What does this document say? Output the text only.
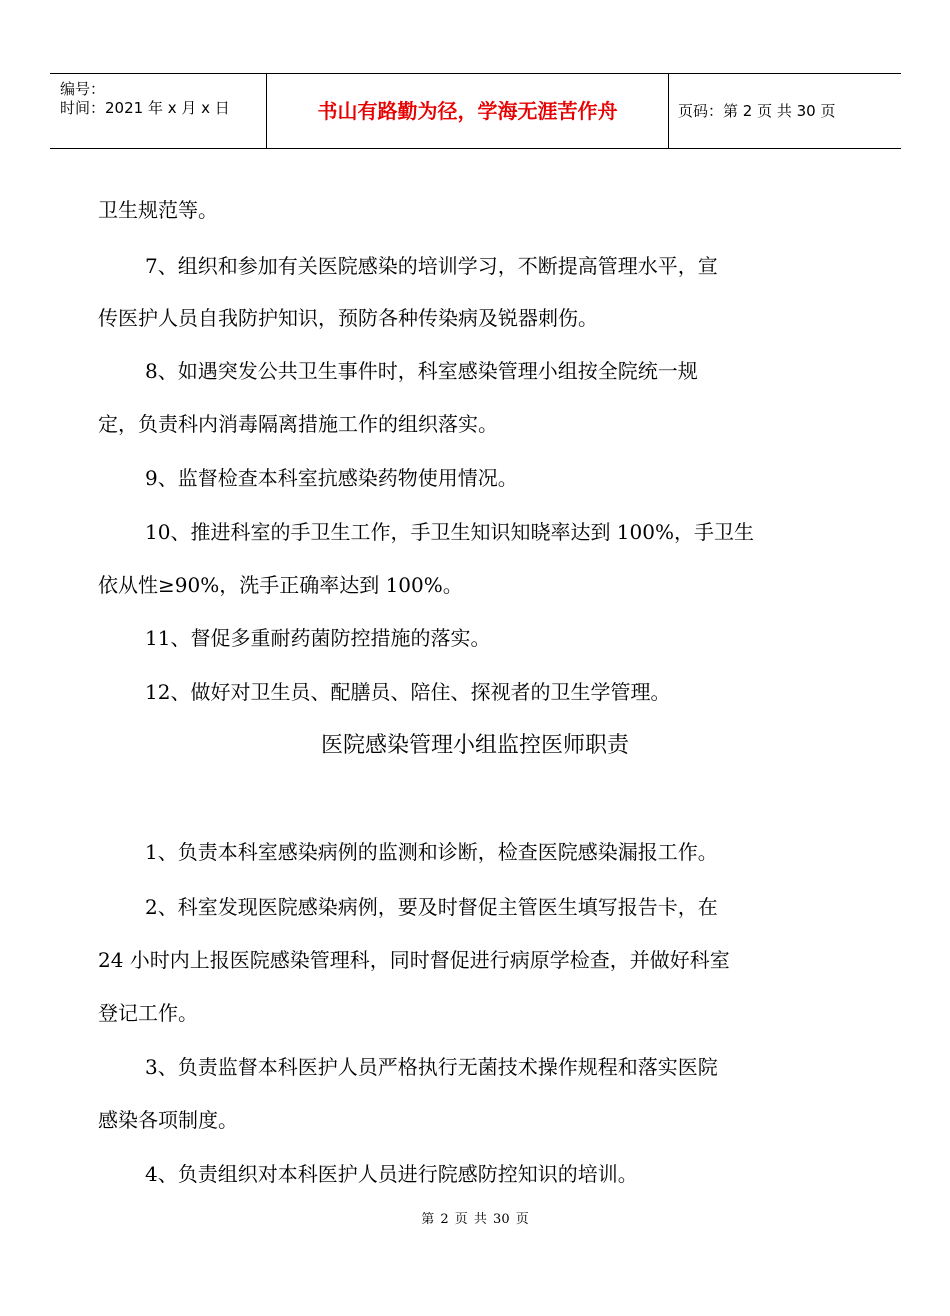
编号：
时间：2021 年 x 月 x 日	书山有路勤为径，学海无涯苦作舟	页码：第 2 页 共 30 页
卫生规范等。
7、组织和参加有关医院感染的培训学习，不断提高管理水平，宣
传医护人员自我防护知识，预防各种传染病及锐器刺伤。
8、如遇突发公共卫生事件时，科室感染管理小组按全院统一规
定，负责科内消毒隔离措施工作的组织落实。
9、监督检查本科室抗感染药物使用情况。
10、推进科室的手卫生工作，手卫生知识知晓率达到 100%，手卫生
依从性≥90%，洗手正确率达到 100%。
11、督促多重耐药菌防控措施的落实。
12、做好对卫生员、配膳员、陪住、探视者的卫生学管理。
医院感染管理小组监控医师职责
1、负责本科室感染病例的监测和诊断，检查医院感染漏报工作。
2、科室发现医院感染病例，要及时督促主管医生填写报告卡，在
24 小时内上报医院感染管理科，同时督促进行病原学检查，并做好科室
登记工作。
3、负责监督本科医护人员严格执行无菌技术操作规程和落实医院
感染各项制度。
4、负责组织对本科医护人员进行院感防控知识的培训。
第 2 页 共 30 页
